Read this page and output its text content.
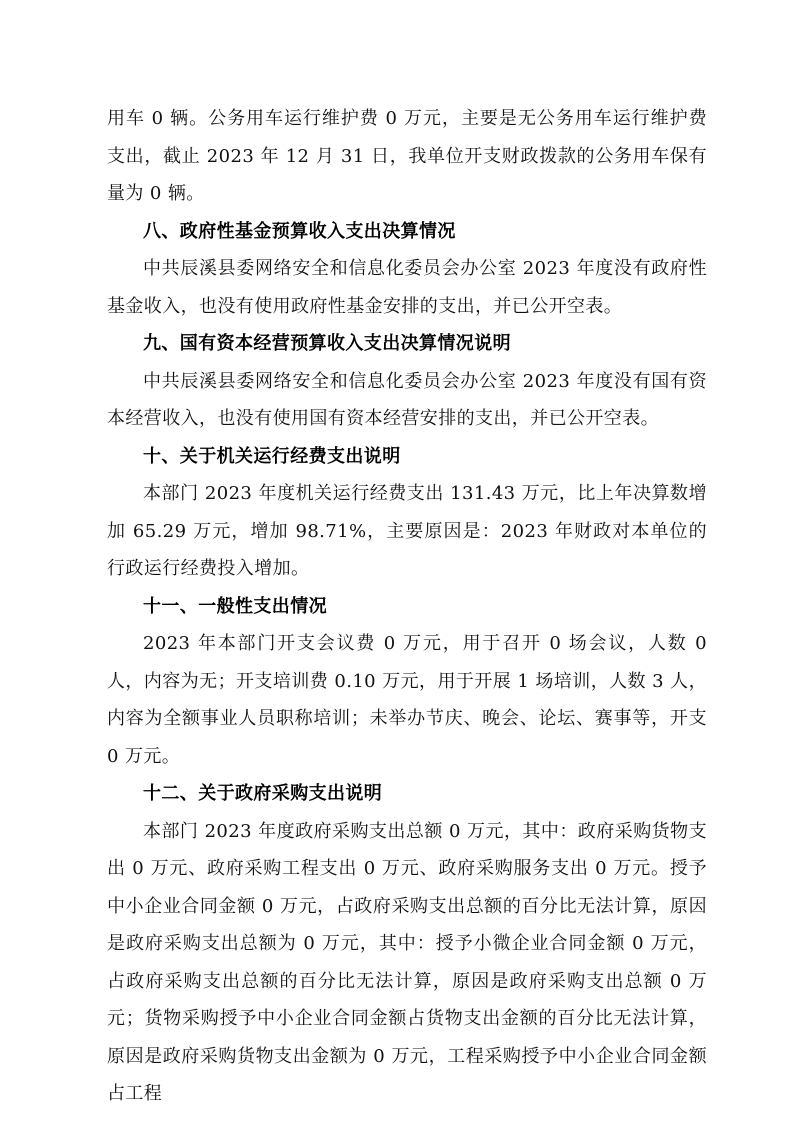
用车 0 辆。公务用车运行维护费 0 万元，主要是无公务用车运行维护费支出，截止 2023 年 12 月 31 日，我单位开支财政拨款的公务用车保有量为 0 辆。

八、政府性基金预算收入支出决算情况

中共辰溪县委网络安全和信息化委员会办公室 2023 年度没有政府性基金收入，也没有使用政府性基金安排的支出，并已公开空表。

九、国有资本经营预算收入支出决算情况说明

中共辰溪县委网络安全和信息化委员会办公室 2023 年度没有国有资本经营收入，也没有使用国有资本经营安排的支出，并已公开空表。

十、关于机关运行经费支出说明

本部门 2023 年度机关运行经费支出 131.43 万元，比上年决算数增加 65.29 万元，增加 98.71%，主要原因是：2023 年财政对本单位的行政运行经费投入增加。

十一、一般性支出情况

2023 年本部门开支会议费 0 万元，用于召开 0 场会议，人数 0 人，内容为无；开支培训费 0.10 万元，用于开展 1 场培训，人数 3 人，内容为全额事业人员职称培训；未举办节庆、晚会、论坛、赛事等，开支 0 万元。

十二、关于政府采购支出说明

本部门 2023 年度政府采购支出总额 0 万元，其中：政府采购货物支出 0 万元、政府采购工程支出 0 万元、政府采购服务支出 0 万元。授予中小企业合同金额 0 万元，占政府采购支出总额的百分比无法计算，原因是政府采购支出总额为 0 万元，其中：授予小微企业合同金额 0 万元，占政府采购支出总额的百分比无法计算，原因是政府采购支出总额 0 万元；货物采购授予中小企业合同金额占货物支出金额的百分比无法计算，原因是政府采购货物支出金额为 0 万元，工程采购授予中小企业合同金额占工程
